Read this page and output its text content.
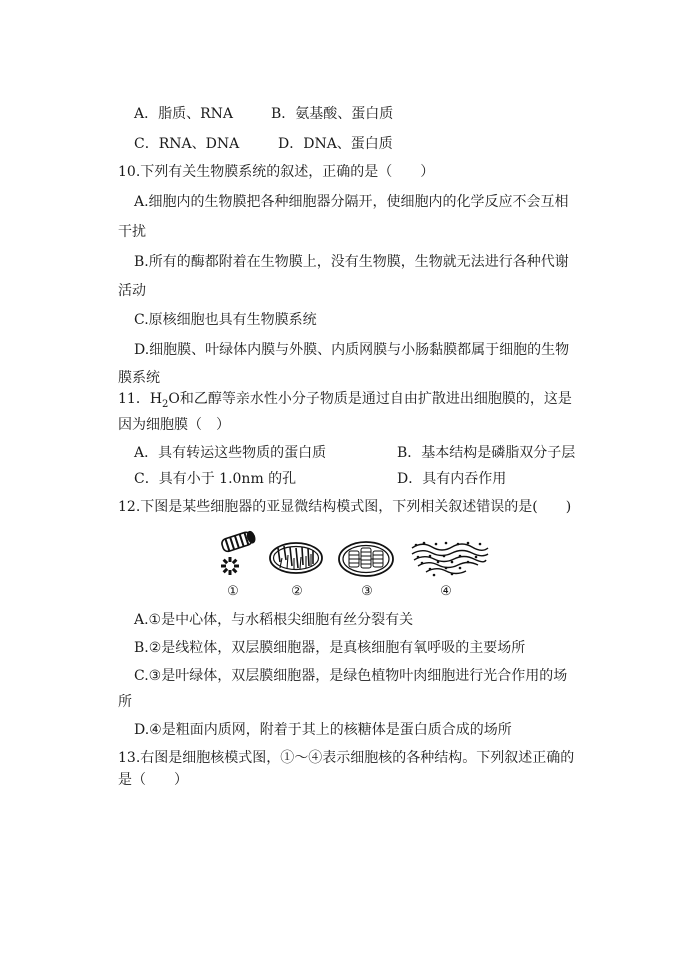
A．脂质、RNA	B．氨基酸、蛋白质
C．RNA、DNA	D．DNA、蛋白质
10.下列有关生物膜系统的叙述，正确的是（　　）
A.细胞内的生物膜把各种细胞器分隔开，使细胞内的化学反应不会互相
干扰
B.所有的酶都附着在生物膜上，没有生物膜，生物就无法进行各种代谢
活动
C.原核细胞也具有生物膜系统
D.细胞膜、叶绿体内膜与外膜、内质网膜与小肠黏膜都属于细胞的生物
膜系统
11．$H_2O$和乙醇等亲水性小分子物质是通过自由扩散进出细胞膜的，这是
因为细胞膜（　）
A．具有转运这些物质的蛋白质	B．基本结构是磷脂双分子层
C．具有小于 1.0nm 的孔	D．具有内吞作用
12.下图是某些细胞器的亚显微结构模式图，下列相关叙述错误的是(　　)
①	②	③	④
A.①是中心体，与水稻根尖细胞有丝分裂有关
B.②是线粒体，双层膜细胞器，是真核细胞有氧呼吸的主要场所
C.③是叶绿体，双层膜细胞器，是绿色植物叶肉细胞进行光合作用的场
所
D.④是粗面内质网，附着于其上的核糖体是蛋白质合成的场所
13.右图是细胞核模式图，①～④表示细胞核的各种结构。下列叙述正确的
是（　　）
